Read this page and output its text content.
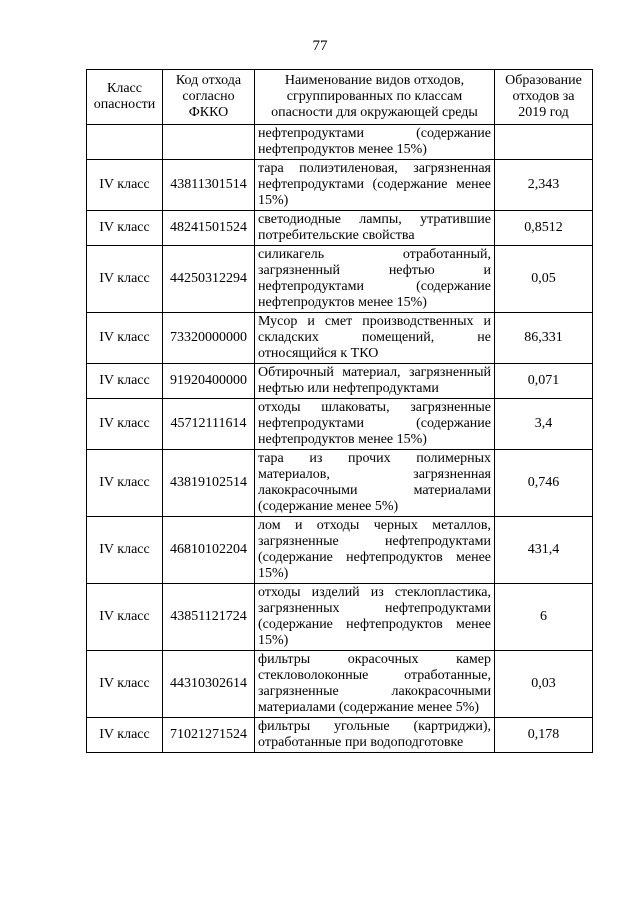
77
Класс опасности	Код отхода согласно ФККО	Наименование видов отходов, сгруппированных по классам опасности для окружающей среды	Образование отходов за 2019 год
		нефтепродуктами (содержание нефтепродуктов менее 15%)	
IV класс	43811301514	тара полиэтиленовая, загрязненная нефтепродуктами (содержание менее 15%)	2,343
IV класс	48241501524	светодиодные лампы, утратившие потребительские свойства	0,8512
IV класс	44250312294	силикагель отработанный, загрязненный нефтью и нефтепродуктами (содержание нефтепродуктов менее 15%)	0,05
IV класс	73320000000	Мусор и смет производственных и складских помещений, не относящийся к ТКО	86,331
IV класс	91920400000	Обтирочный материал, загрязненный нефтью или нефтепродуктами	0,071
IV класс	45712111614	отходы шлаковаты, загрязненные нефтепродуктами (содержание нефтепродуктов менее 15%)	3,4
IV класс	43819102514	тара из прочих полимерных материалов, загрязненная лакокрасочными материалами (содержание менее 5%)	0,746
IV класс	46810102204	лом и отходы черных металлов, загрязненные нефтепродуктами (содержание нефтепродуктов менее 15%)	431,4
IV класс	43851121724	отходы изделий из стеклопластика, загрязненных нефтепродуктами (содержание нефтепродуктов менее 15%)	6
IV класс	44310302614	фильтры окрасочных камер стекловолоконные отработанные, загрязненные лакокрасочными материалами (содержание менее 5%)	0,03
IV класс	71021271524	фильтры угольные (картриджи), отработанные при водоподготовке	0,178
